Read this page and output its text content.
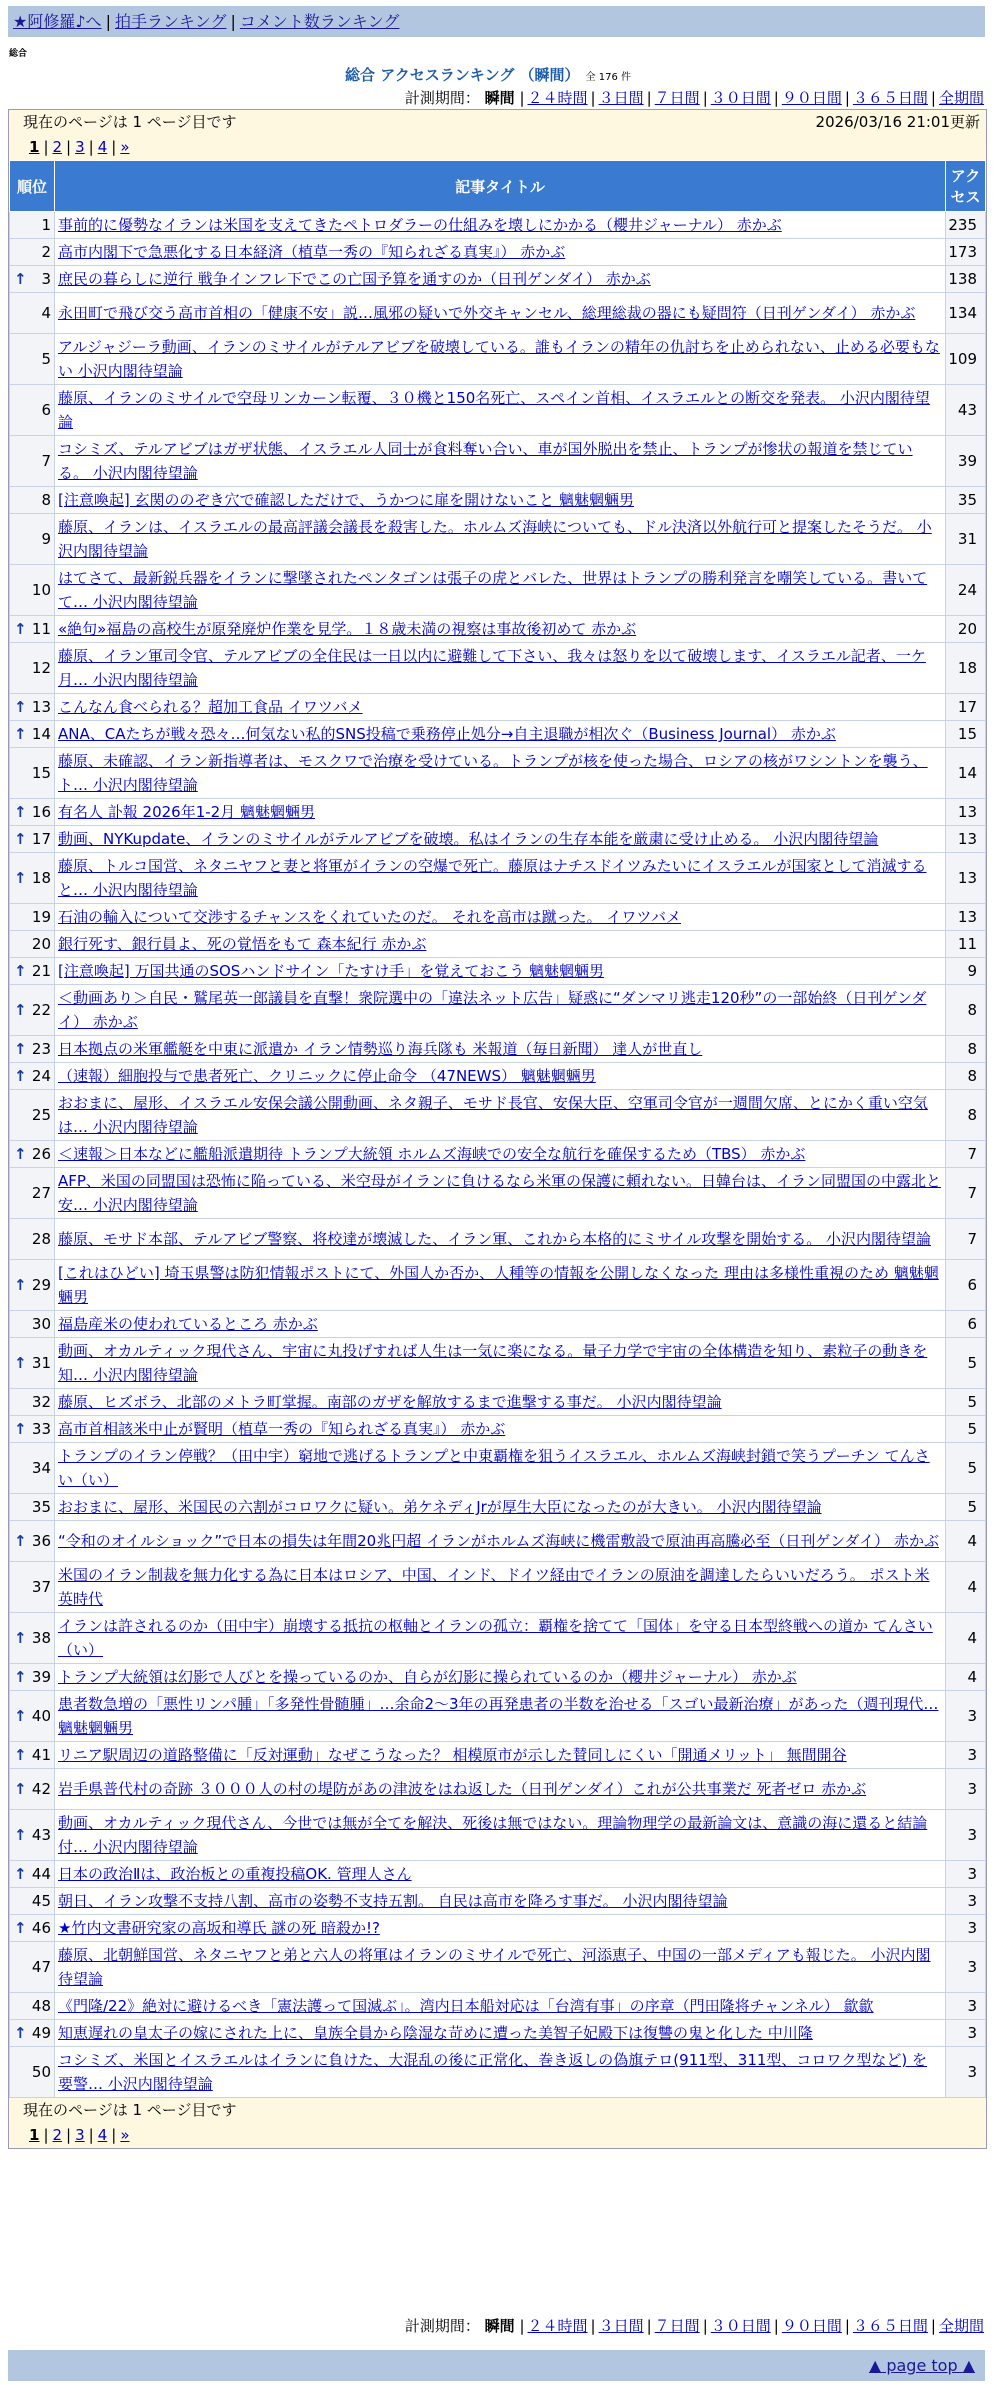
★阿修羅♪へ | 拍手ランキング | コメント数ランキング
総合
総合 アクセスランキング （瞬間） 全 176 件
計測期間： 瞬間 | ２４時間 | ３日間 | ７日間 | ３０日間 | ９０日間 | ３６５日間 | 全期間
現在のページは 1 ページ目です	2026/03/16 21:01更新
1 | 2 | 3 | 4 | »
順位	記事タイトル	アクセス
1	事前的に優勢なイランは米国を支えてきたペトロダラーの仕組みを壊しにかかる（櫻井ジャーナル） 赤かぶ	235
2	高市内閣下で急悪化する日本経済（植草一秀の『知られざる真実』） 赤かぶ	173

↑ 3	庶民の暮らしに逆行 戦争インフレ下でこの亡国予算を通すのか（日刊ゲンダイ） 赤かぶ	138
4	永田町で飛び交う高市首相の「健康不安」説…風邪の疑いで外交キャンセル、総理総裁の器にも疑問符（日刊ゲンダイ） 赤かぶ	134
5	アルジャジーラ動画、イランのミサイルがテルアビブを破壊している。誰もイランの精年の仇討ちを止められない、止める必要もない 小沢内閣待望論	109
6	藤原、イランのミサイルで空母リンカーン転覆、３０機と150名死亡、スペイン首相、イスラエルとの断交を発表。 小沢内閣待望論	43
7	コシミズ、テルアビブはガザ状態、イスラエル人同士が食料奪い合い、車が国外脱出を禁止、トランプが惨状の報道を禁じている。 小沢内閣待望論	39
8	[注意喚起] 玄関ののぞき穴で確認しただけで、うかつに扉を開けないこと 魑魅魍魎男	35
9	藤原、イランは、イスラエルの最高評議会議長を殺害した。ホルムズ海峡についても、ドル決済以外航行可と提案したそうだ。 小沢内閣待望論	31
10	はてさて、最新鋭兵器をイランに撃墜されたペンタゴンは張子の虎とバレた、世界はトランプの勝利発言を嘲笑している。書いてて… 小沢内閣待望論	24

↑ 11	«絶句»福島の高校生が原発廃炉作業を見学。１８歳未満の視察は事故後初めて 赤かぶ	20
12	藤原、イラン軍司令官、テルアビブの全住民は一日以内に避難して下さい、我々は怒りを以て破壊します、イスラエル記者、一ケ月… 小沢内閣待望論	18

↑ 13	こんなん食べられる？超加工食品 イワツバメ	17

↑ 14	ANA、CAたちが戦々恐々…何気ない私的SNS投稿で乗務停止処分→自主退職が相次ぐ（Business Journal） 赤かぶ	15
15	藤原、未確認、イラン新指導者は、モスクワで治療を受けている。トランプが核を使った場合、ロシアの核がワシントンを襲う、ト… 小沢内閣待望論	14

↑ 16	有名人 訃報 2026年1-2月 魑魅魍魎男	13

↑ 17	動画、NYKupdate、イランのミサイルがテルアビブを破壊。私はイランの生存本能を厳粛に受け止める。 小沢内閣待望論	13

↑ 18	藤原、トルコ国営、ネタニヤフと妻と将軍がイランの空爆で死亡。藤原はナチスドイツみたいにイスラエルが国家として消滅すると… 小沢内閣待望論	13
19	石油の輸入について交渉するチャンスをくれていたのだ。 それを高市は蹴った。 イワツバメ	13
20	銀行死す、銀行員よ、死の覚悟をもて 森本紀行 赤かぶ	11

↑ 21	[注意喚起] 万国共通のSOSハンドサイン「たすけ手」を覚えておこう 魑魅魍魎男	9

↑ 22	＜動画あり＞自民・鷲尾英一郎議員を直撃！衆院選中の「違法ネット広告」疑惑に“ダンマリ逃走120秒”の一部始終（日刊ゲンダイ） 赤かぶ	8

↑ 23	日本拠点の米軍艦艇を中東に派遣か イラン情勢巡り海兵隊も 米報道（毎日新聞） 達人が世直し	8

↑ 24	（速報）細胞投与で患者死亡、クリニックに停止命令 （47NEWS） 魑魅魍魎男	8
25	おおまに、屋形、イスラエル安保会議公開動画、ネタ親子、モサド長官、安保大臣、空軍司令官が一週間欠席、とにかく重い空気は… 小沢内閣待望論	8

↑ 26	＜速報＞日本などに艦船派遣期待 トランプ大統領 ホルムズ海峡での安全な航行を確保するため（TBS） 赤かぶ	7
27	AFP、米国の同盟国は恐怖に陥っている、米空母がイランに負けるなら米軍の保護に頼れない。日韓台は、イラン同盟国の中露北と安… 小沢内閣待望論	7
28	藤原、モサド本部、テルアビブ警察、将校達が壊滅した、イラン軍、これから本格的にミサイル攻撃を開始する。 小沢内閣待望論	7

↑ 29	[これはひどい] 埼玉県警は防犯情報ポストにて、外国人か否か、人種等の情報を公開しなくなった 理由は多様性重視のため 魑魅魍魎男	6
30	福島産米の使われているところ 赤かぶ	6

↑ 31	動画、オカルティック現代さん、宇宙に丸投げすれば人生は一気に楽になる。量子力学で宇宙の全体構造を知り、素粒子の動きを知… 小沢内閣待望論	5
32	藤原、ヒズボラ、北部のメトラ町掌握。南部のガザを解放するまで進撃する事だ。 小沢内閣待望論	5

↑ 33	高市首相該米中止が賢明（植草一秀の『知られざる真実』） 赤かぶ	5
34	トランプのイラン停戦？（田中宇）窮地で逃げるトランプと中東覇権を狙うイスラエル、ホルムズ海峡封鎖で笑うプーチン てんさい（い）	5
35	おおまに、屋形、米国民の六割がコロワクに疑い。弟ケネディJrが厚生大臣になったのが大きい。 小沢内閣待望論	5

↑ 36	“令和のオイルショック”で日本の損失は年間20兆円超 イランがホルムズ海峡に機雷敷設で原油再高騰必至（日刊ゲンダイ） 赤かぶ	4
37	米国のイラン制裁を無力化する為に日本はロシア、中国、インド、ドイツ経由でイランの原油を調達したらいいだろう。 ポスト米英時代	4

↑ 38	イランは許されるのか（田中宇）崩壊する抵抗の枢軸とイランの孤立：覇権を捨てて「国体」を守る日本型終戦への道か てんさい（い）	4

↑ 39	トランプ大統領は幻影で人びとを操っているのか、自らが幻影に操られているのか（櫻井ジャーナル） 赤かぶ	4

↑ 40	患者数急増の「悪性リンパ腫」「多発性骨髄腫」…余命2～3年の再発患者の半数を治せる「スゴい最新治療」があった（週刊現代… 魑魅魍魎男	3

↑ 41	リニア駅周辺の道路整備に「反対運動」なぜこうなった？ 相模原市が示した賛同しにくい「開通メリット」 無間開谷	3

↑ 42	岩手県普代村の奇跡 ３０００人の村の堤防があの津波をはね返した（日刊ゲンダイ）これが公共事業だ 死者ゼロ 赤かぶ	3

↑ 43	動画、オカルティック現代さん、今世では無が全てを解決、死後は無ではない。理論物理学の最新論文は、意識の海に還ると結論付… 小沢内閣待望論	3

↑ 44	日本の政治Ⅱは、政治板との重複投稿OK. 管理人さん	3
45	朝日、イラン攻撃不支持八割、高市の姿勢不支持五割。 自民は高市を降ろす事だ。 小沢内閣待望論	3

↑ 46	★竹内文書研究家の高坂和導氏 謎の死 暗殺か!?	3
47	藤原、北朝鮮国営、ネタニヤフと弟と六人の将軍はイランのミサイルで死亡、河添恵子、中国の一部メディアも報じた。 小沢内閣待望論	3
48	《門隆/22》絶対に避けるべき「憲法護って国滅ぶ」。湾内日本船対応は「台湾有事」の序章（門田隆将チャンネル） 歙歙	3

↑ 49	知恵遅れの皇太子の嫁にされた上に、皇族全員から陰湿な苛めに遭った美智子妃殿下は復讐の鬼と化した 中川隆	3
50	コシミズ、米国とイスラエルはイランに負けた、大混乱の後に正常化、巻き返しの偽旗テロ(911型、311型、コロワク型など) を要警… 小沢内閣待望論	3
現在のページは 1 ページ目です
1 | 2 | 3 | 4 | »
計測期間： 瞬間 | ２４時間 | ３日間 | ７日間 | ３０日間 | ９０日間 | ３６５日間 | 全期間
▲ page top ▲
